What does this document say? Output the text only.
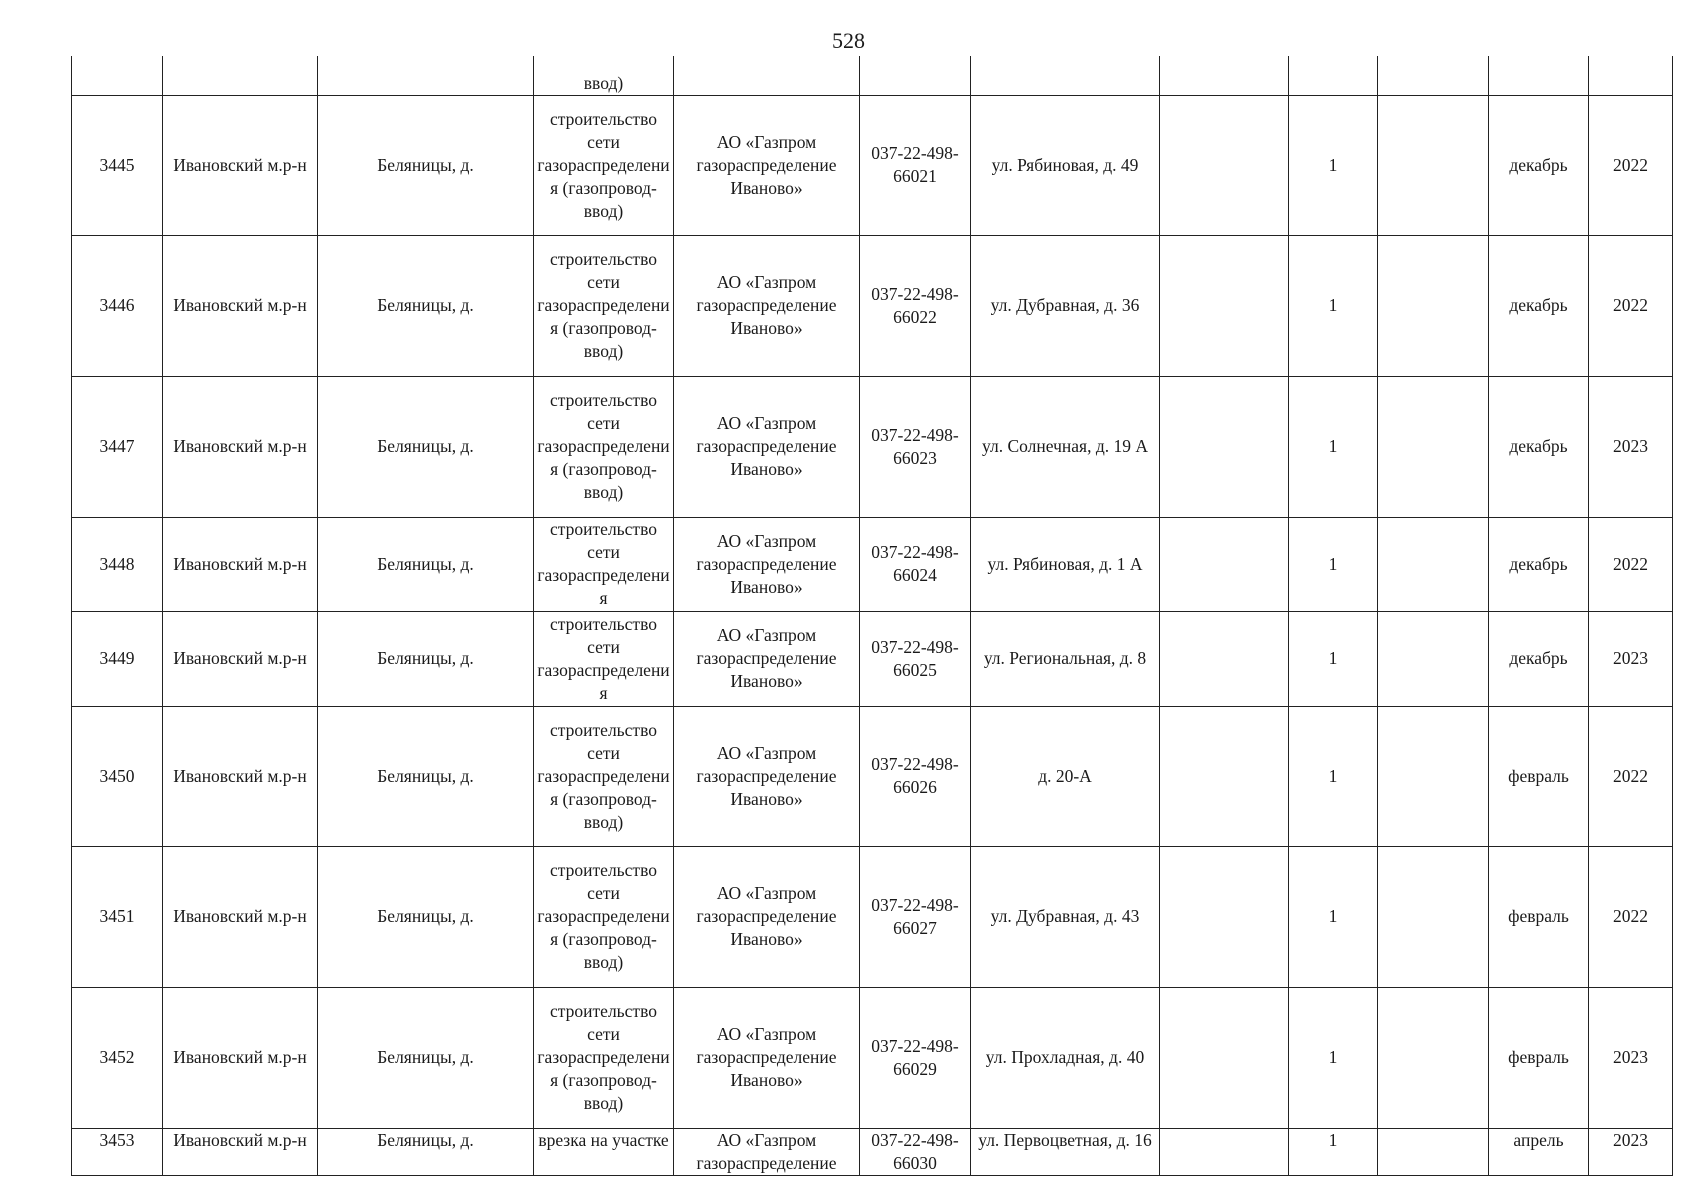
528
			ввод)								
3445	Ивановский м.р-н	Беляницы, д.	строительство сети газораспределения (газопровод-ввод)	АО «Газпром газораспределение Иваново»	037-22-498-66021	ул. Рябиновая, д. 49		1		декабрь	2022
3446	Ивановский м.р-н	Беляницы, д.	строительство сети газораспределения (газопровод-ввод)	АО «Газпром газораспределение Иваново»	037-22-498-66022	ул. Дубравная, д. 36		1		декабрь	2022
3447	Ивановский м.р-н	Беляницы, д.	строительство сети газораспределения (газопровод-ввод)	АО «Газпром газораспределение Иваново»	037-22-498-66023	ул. Солнечная, д. 19 А		1		декабрь	2023
3448	Ивановский м.р-н	Беляницы, д.	строительство сети газораспределения	АО «Газпром газораспределение Иваново»	037-22-498-66024	ул. Рябиновая, д. 1 А		1		декабрь	2022
3449	Ивановский м.р-н	Беляницы, д.	строительство сети газораспределения	АО «Газпром газораспределение Иваново»	037-22-498-66025	ул. Региональная, д. 8		1		декабрь	2023
3450	Ивановский м.р-н	Беляницы, д.	строительство сети газораспределения (газопровод-ввод)	АО «Газпром газораспределение Иваново»	037-22-498-66026	д. 20-А		1		февраль	2022
3451	Ивановский м.р-н	Беляницы, д.	строительство сети газораспределения (газопровод-ввод)	АО «Газпром газораспределение Иваново»	037-22-498-66027	ул. Дубравная, д. 43		1		февраль	2022
3452	Ивановский м.р-н	Беляницы, д.	строительство сети газораспределения (газопровод-ввод)	АО «Газпром газораспределение Иваново»	037-22-498-66029	ул. Прохладная, д. 40		1		февраль	2023
3453	Ивановский м.р-н	Беляницы, д.	врезка на участке	АО «Газпром газораспределение	037-22-498-66030	ул. Первоцветная, д. 16		1		апрель	2023
